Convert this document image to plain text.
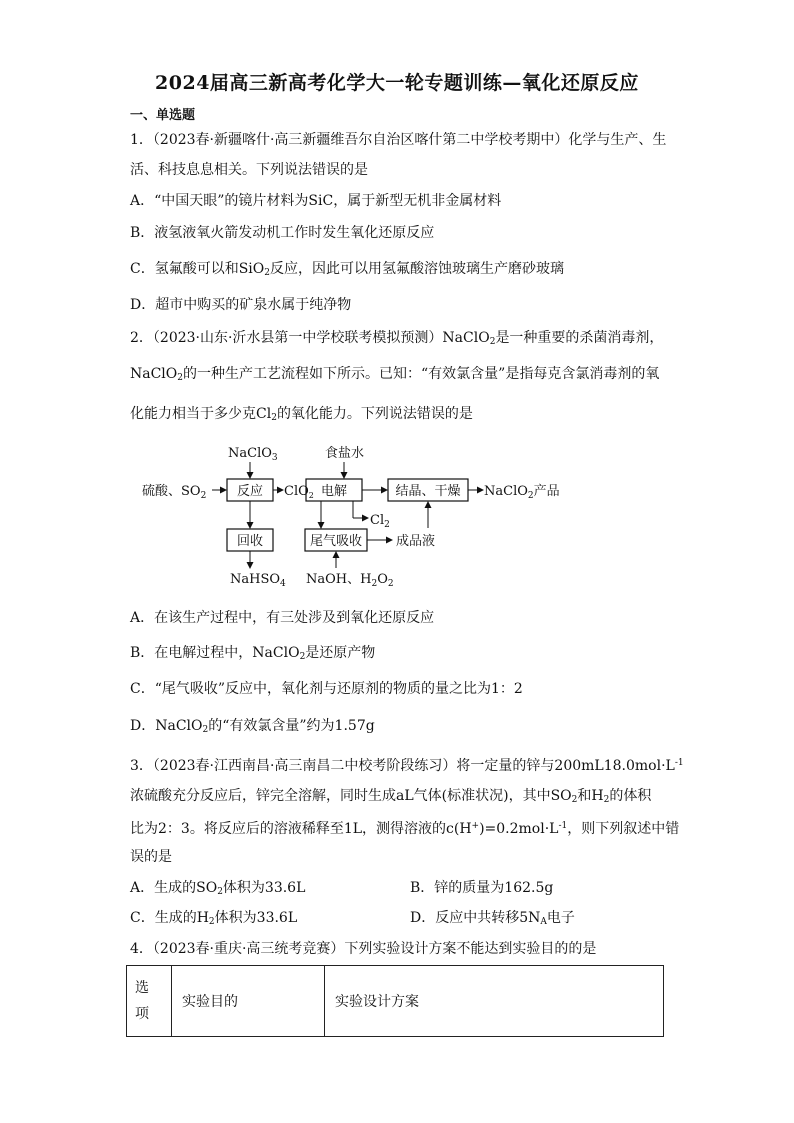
2024届高三新高考化学大一轮专题训练—氧化还原反应
一、单选题
1．（2023春·新疆喀什·高三新疆维吾尔自治区喀什第二中学校考期中）化学与生产、生
活、科技息息相关。下列说法错误的是
A．“中国天眼”的镜片材料为SiC，属于新型无机非金属材料
B．液氢液氧火箭发动机工作时发生氧化还原反应
C．氢氟酸可以和SiO$_2$反应，因此可以用氢氟酸溶蚀玻璃生产磨砂玻璃
D．超市中购买的矿泉水属于纯净物
2．（2023·山东·沂水县第一中学校联考模拟预测）NaClO$_2$是一种重要的杀菌消毒剂，
NaClO$_2$的一种生产工艺流程如下所示。已知：“有效氯含量”是指每克含氯消毒剂的氧
化能力相当于多少克$Cl_2$的氧化能力。下列说法错误的是
反应	电解	结晶、干燥
回收	尾气吸收
NaClO$_3$	食盐水
硫酸、$SO_2$	ClO$_2$	NaClO$_2$产品
$Cl_2$
NaHSO$_4$ NaOH、$H_2O_2$
成品液
A．在该生产过程中，有三处涉及到氧化还原反应
B．在电解过程中，NaClO$_2$是还原产物
C．“尾气吸收”反应中，氧化剂与还原剂的物质的量之比为1：2
D．NaClO$_2$的“有效氯含量”约为1.57g
3．（2023春·江西南昌·高三南昌二中校考阶段练习）将一定量的锌与$200mL18.0mol\cdot L^{-1}$
浓硫酸充分反应后，锌完全溶解，同时生成aL气体(标准状况)，其中$SO_2$和$H_2$的体积
比为2：3。将反应后的溶液稀释至1L，测得溶液的$c(H^+)=0.2mol\cdot L^{-1}$，则下列叙述中错
误的是
A．生成的$SO_2$体积为33.6L	B．锌的质量为162.5g
C．生成的$H_2$体积为33.6L	D．反应中共转移$5N_A$电子
4．（2023春·重庆·高三统考竞赛）下列实验设计方案不能达到实验目的的是
选
项	实验目的	实验设计方案
